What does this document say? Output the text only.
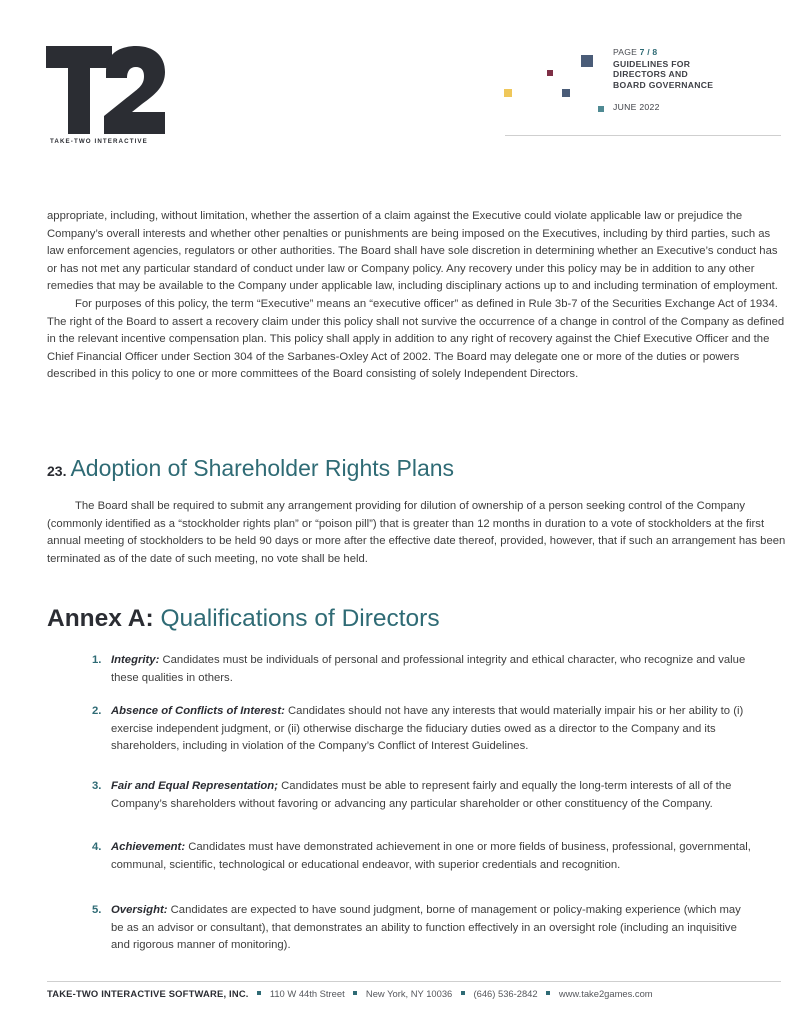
TAKE-TWO INTERACTIVE
PAGE 7 / 8
GUIDELINES FOR
DIRECTORS AND
BOARD GOVERNANCE
JUNE 2022

appropriate, including, without limitation, whether the assertion of a claim against the Executive could violate applicable law or prejudice the Company’s overall interests and whether other penalties or punishments are being imposed on the Executives, including by third parties, such as law enforcement agencies, regulators or other authorities. The Board shall have sole discretion in determining whether an Executive’s conduct has or has not met any particular standard of conduct under law or Company policy. Any recovery under this policy may be in addition to any other remedies that may be available to the Company under applicable law, including disciplinary actions up to and including termination of employment.

For purposes of this policy, the term “Executive” means an “executive officer” as defined in Rule 3b-7 of the Securities Exchange Act of 1934. The right of the Board to assert a recovery claim under this policy shall not survive the occurrence of a change in control of the Company as defined in the relevant incentive compensation plan. This policy shall apply in addition to any right of recovery against the Chief Executive Officer and the Chief Financial Officer under Section 304 of the Sarbanes-Oxley Act of 2002. The Board may delegate one or more of the duties or powers described in this policy to one or more committees of the Board consisting of solely Independent Directors.

23. Adoption of Shareholder Rights Plans

The Board shall be required to submit any arrangement providing for dilution of ownership of a person seeking control of the Company (commonly identified as a “stockholder rights plan” or “poison pill”) that is greater than 12 months in duration to a vote of stockholders at the first annual meeting of stockholders to be held 90 days or more after the effective date thereof, provided, however, that if such an arrangement has been terminated as of the date of such meeting, no vote shall be held.

Annex A: Qualifications of Directors
1. Integrity: Candidates must be individuals of personal and professional integrity and ethical character, who recognize and value these qualities in others.
2. Absence of Conflicts of Interest: Candidates should not have any interests that would materially impair his or her ability to (i) exercise independent judgment, or (ii) otherwise discharge the fiduciary duties owed as a director to the Company and its shareholders, including in violation of the Company’s Conflict of Interest Guidelines.
3. Fair and Equal Representation; Candidates must be able to represent fairly and equally the long-term interests of all of the Company’s shareholders without favoring or advancing any particular shareholder or other constituency of the Company.
4. Achievement: Candidates must have demonstrated achievement in one or more fields of business, professional, governmental, communal, scientific, technological or educational endeavor, with superior credentials and recognition.
5. Oversight: Candidates are expected to have sound judgment, borne of management or policy-making experience (which may be as an advisor or consultant), that demonstrates an ability to function effectively in an oversight role (including an inquisitive and rigorous manner of monitoring).
TAKE-TWO INTERACTIVE SOFTWARE, INC. 110 W 44th Street New York, NY 10036 (646) 536-2842 www.take2games.com
